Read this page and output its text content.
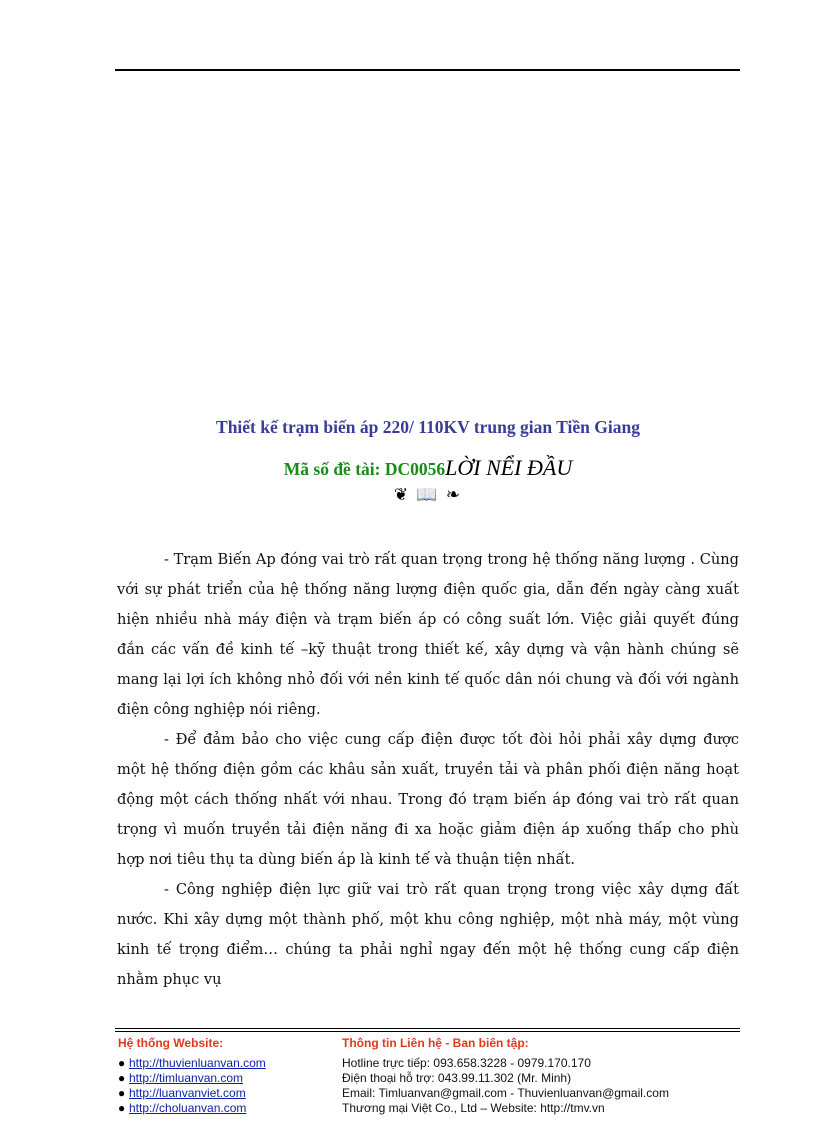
Thiết kế trạm biến áp 220/ 110KV trung gian Tiền Giang
Mã số đề tài: DC0056LỜI NỂI ĐẦU
❦ 📖 ❧

- Trạm Biến Ap đóng vai trò rất quan trọng trong hệ thống năng lượng . Cùng với sự phát triển của hệ thống năng lượng điện quốc gia, dẫn đến ngày càng xuất hiện nhiều nhà máy điện và trạm biến áp có công suất lớn. Việc giải quyết đúng đắn các vấn đề kinh tế –kỹ thuật trong thiết kế, xây dựng và vận hành chúng sẽ mang lại lợi ích không nhỏ đối với nền kinh tế quốc dân nói chung và đối với ngành điện công nghiệp nói riêng.

- Để đảm bảo cho việc cung cấp điện được tốt đòi hỏi phải xây dựng được một hệ thống điện gồm các khâu sản xuất, truyền tải và phân phối điện năng hoạt động một cách thống nhất với nhau. Trong đó trạm biến áp đóng vai trò rất quan trọng vì muốn truyền tải điện năng đi xa hoặc giảm điện áp xuống thấp cho phù hợp nơi tiêu thụ ta dùng biến áp là kinh tế và thuận tiện nhất.

- Công nghiệp điện lực giữ vai trò rất quan trọng trong việc xây dựng đất nước. Khi xây dựng một thành phố, một khu công nghiệp, một nhà máy, một vùng kinh tế trọng điểm… chúng ta phải nghỉ ngay đến một hệ thống cung cấp điện nhằm phục vụ

Hệ thống Website:
● http://thuvienluanvan.com
● http://timluanvan.com
● http://luanvanviet.com
● http://choluanvan.com
Thông tin Liên hệ - Ban biên tập:
Hotline trực tiếp: 093.658.3228 - 0979.170.170
Điện thoại hỗ trợ: 043.99.11.302 (Mr. Minh)
Email: Timluanvan@gmail.com - Thuvienluanvan@gmail.com
Thương mại Việt Co., Ltd – Website: http://tmv.vn
